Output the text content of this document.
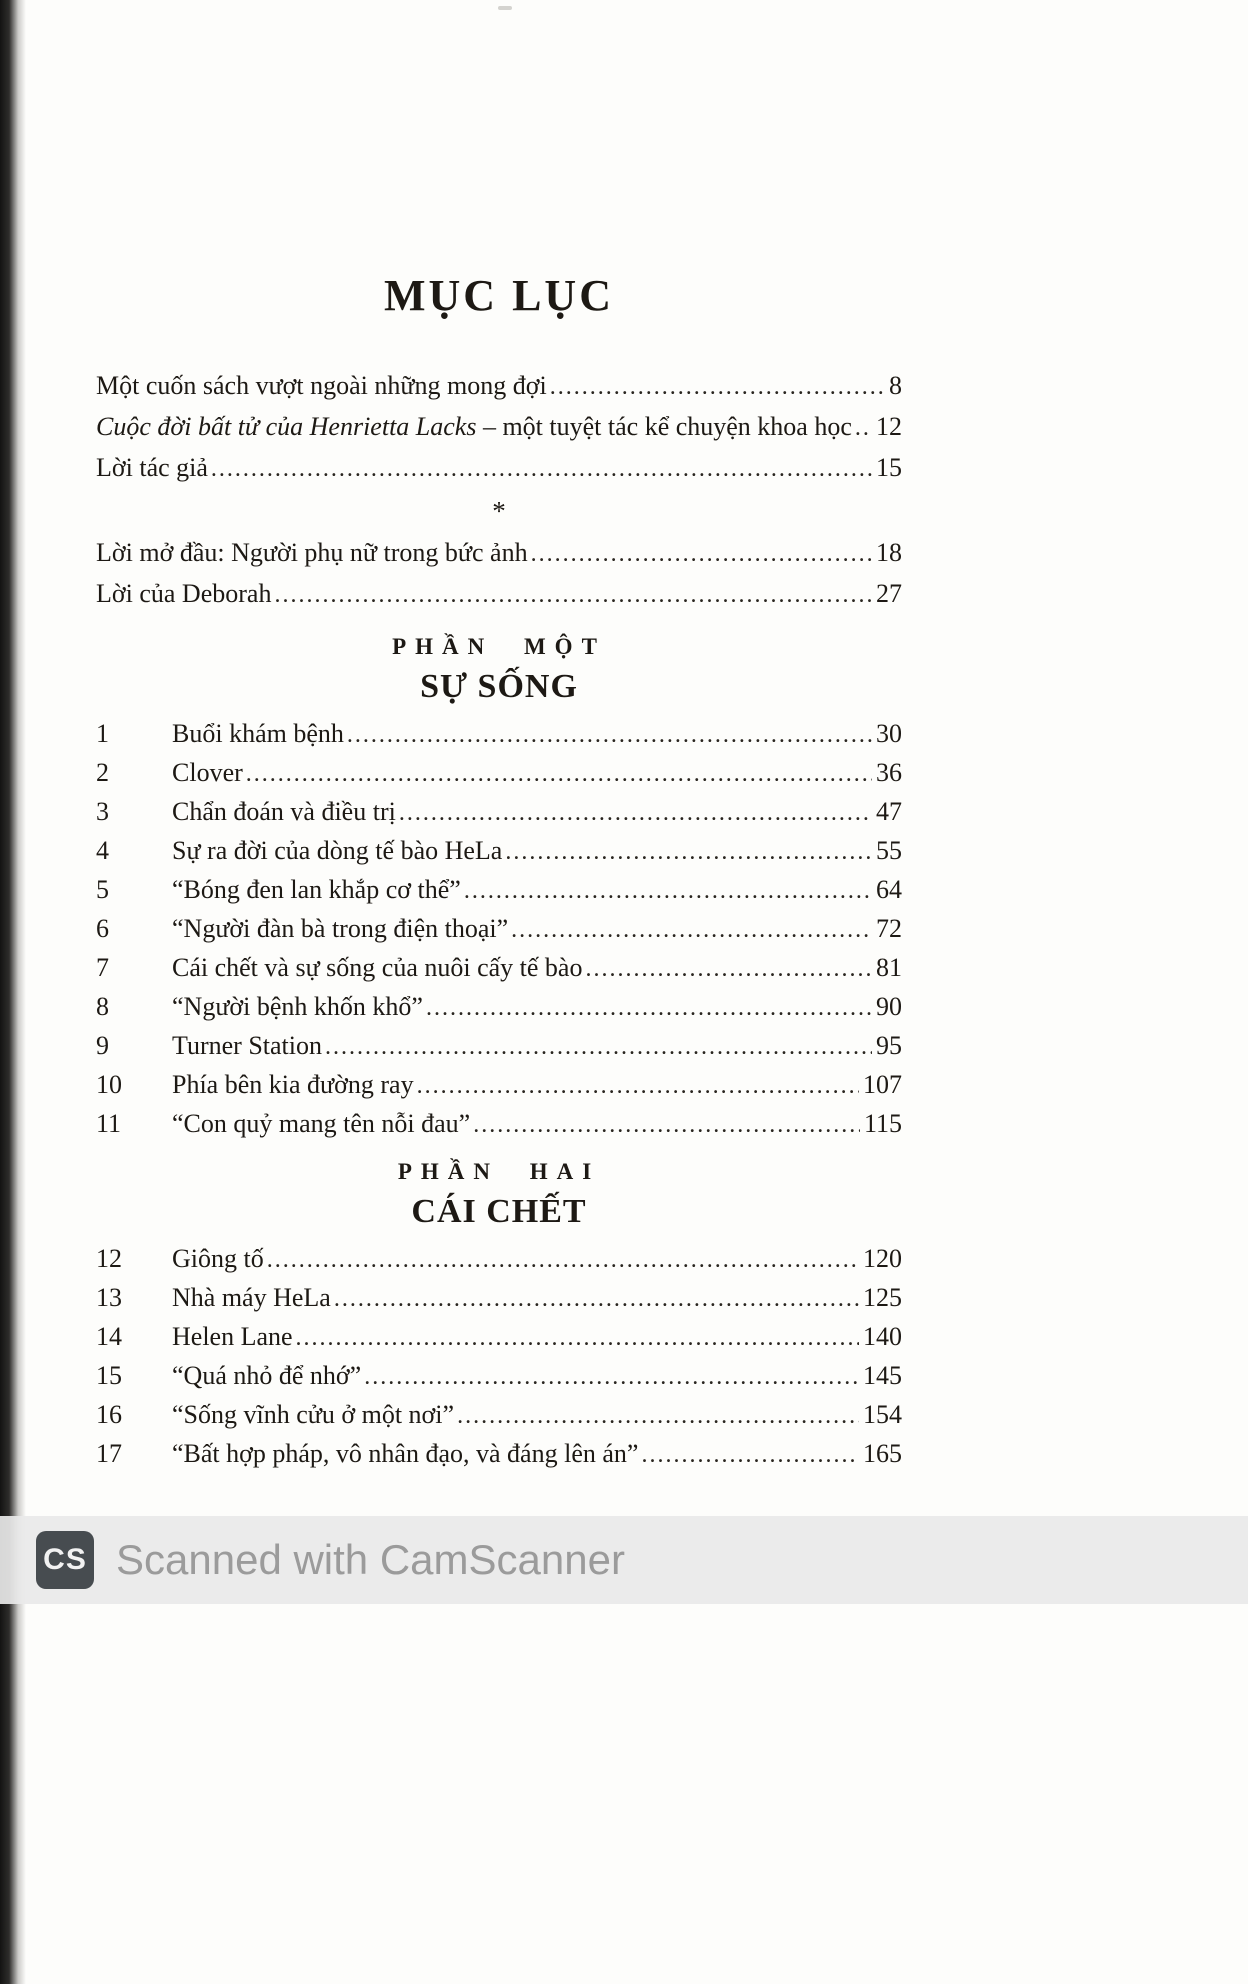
MỤC LỤC
Một cuốn sách vượt ngoài những mong đợi .....	8
Cuộc đời bất tử của Henrietta Lacks – một tuyệt tác kể chuyện khoa học ..... 12
Lời tác giả .....	15
*
Lời mở đầu: Người phụ nữ trong bức ảnh .....	18
Lời của Deborah .....	27
PHẦN MỘT
SỰ SỐNG
1	Buổi khám bệnh .....	30
2	Clover .....	36
3	Chẩn đoán và điều trị .....	47
4	Sự ra đời của dòng tế bào HeLa .....	55
5	“Bóng đen lan khắp cơ thể” .....	64
6	“Người đàn bà trong điện thoại” .....	72
7	Cái chết và sự sống của nuôi cấy tế bào .....	81
8	“Người bệnh khốn khổ” .....	90
9	Turner Station .....	95
10	Phía bên kia đường ray .....	107
11	“Con quỷ mang tên nỗi đau” .....	115
PHẦN HAI
CÁI CHẾT
12	Giông tố .....	120
13	Nhà máy HeLa .....	125
14	Helen Lane .....	140
15	“Quá nhỏ để nhớ” .....	145
16	“Sống vĩnh cửu ở một nơi” .....	154
17	“Bất hợp pháp, vô nhân đạo, và đáng lên án” .....	165
CS Scanned with CamScanner
